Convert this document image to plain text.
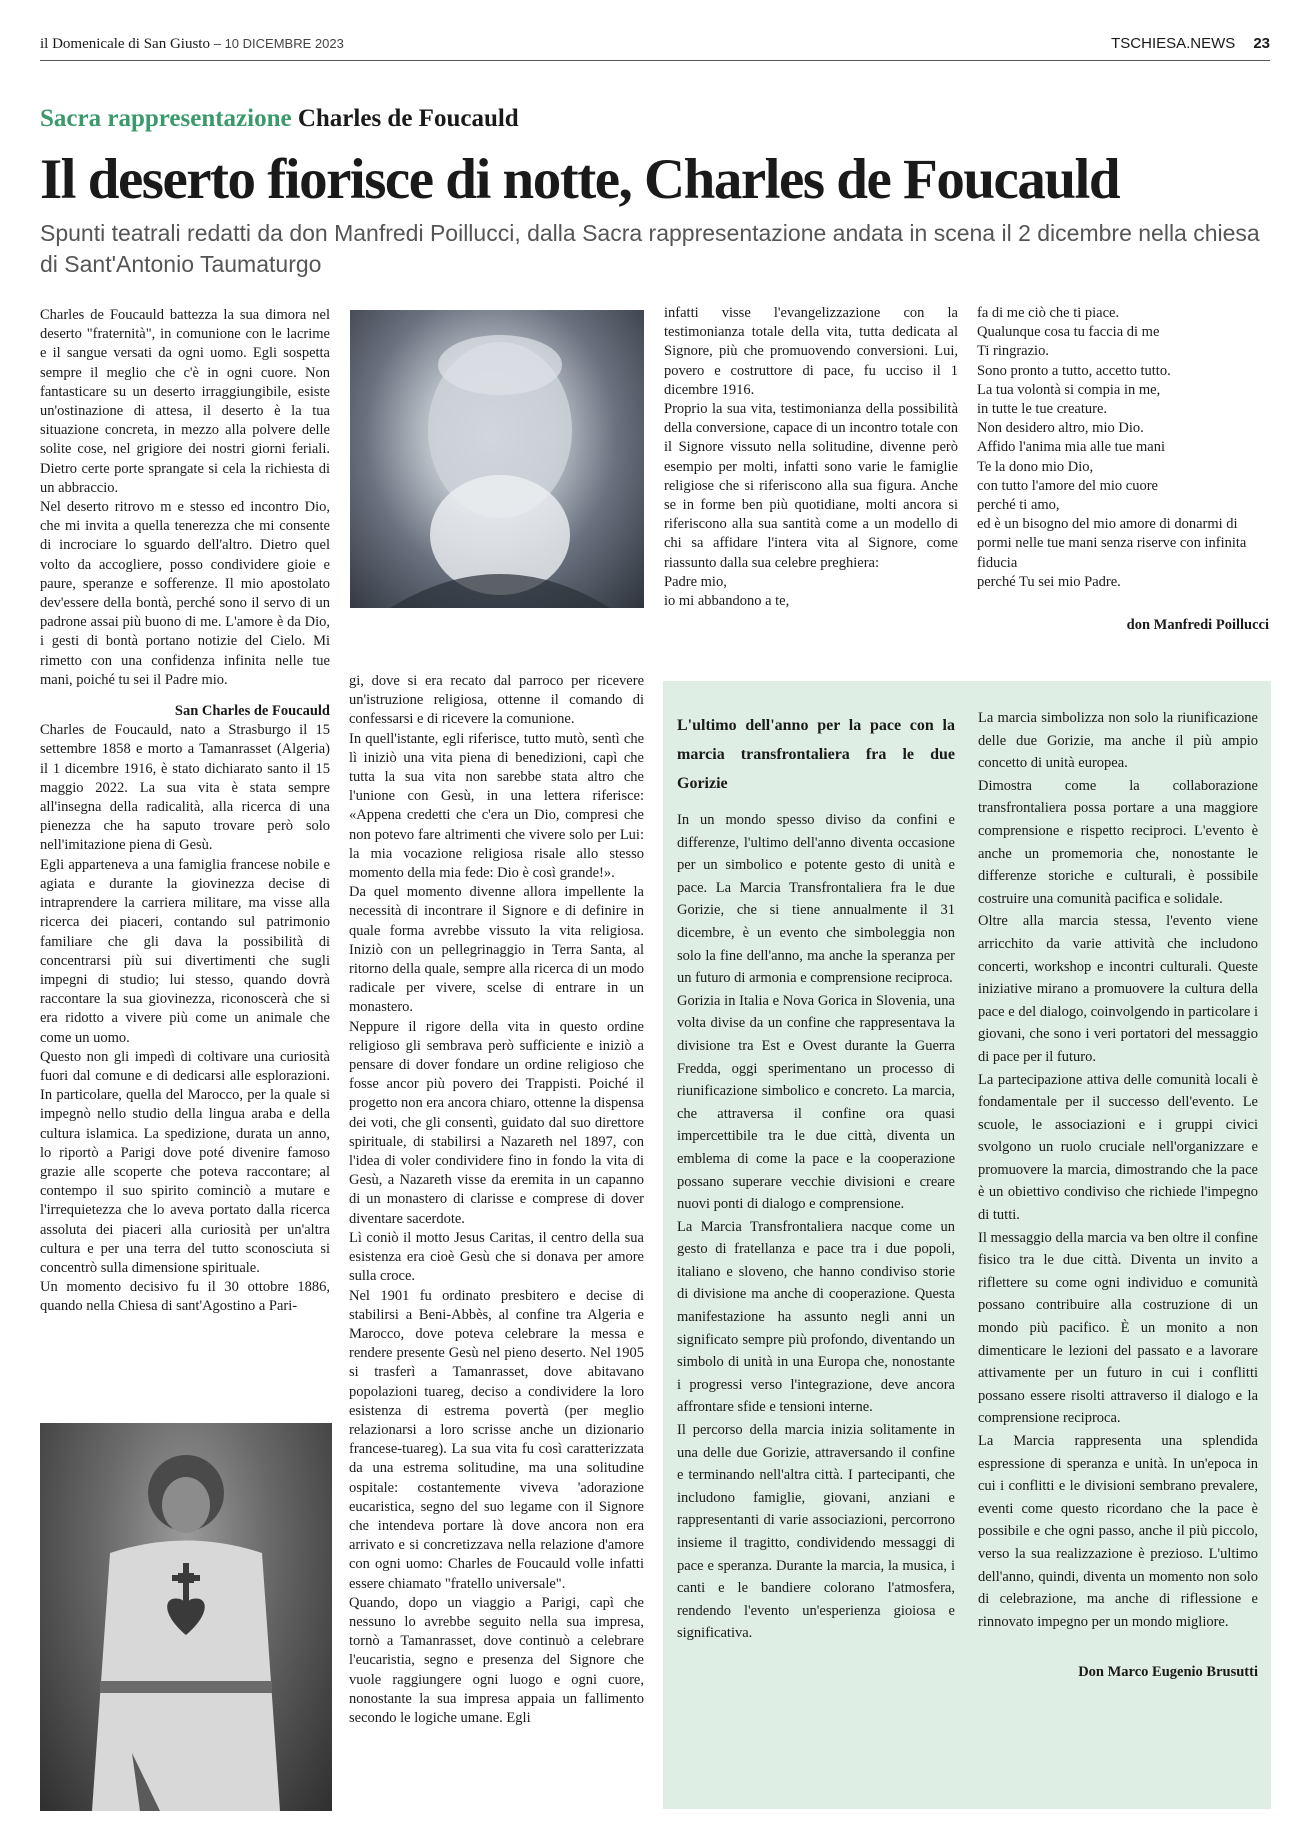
il Domenicale di San Giusto – 10 DICEMBRE 2023	TSCHIESA.NEWS 23
Sacra rappresentazione Charles de Foucauld
Il deserto fiorisce di notte, Charles de Foucauld
Spunti teatrali redatti da don Manfredi Poillucci, dalla Sacra rappresentazione andata in scena il 2 dicembre nella chiesa di Sant'Antonio Taumaturgo

Charles de Foucauld battezza la sua dimora nel deserto "fraternità", in comunione con le lacrime e il sangue versati da ogni uomo. Egli sospetta sempre il meglio che c'è in ogni cuore. Non fantasticare su un deserto irraggiungibile, esiste un'ostinazione di attesa, il deserto è la tua situazione concreta, in mezzo alla polvere delle solite cose, nel grigiore dei nostri giorni feriali. Dietro certe porte sprangate si cela la richiesta di un abbraccio.

Nel deserto ritrovo m e stesso ed incontro Dio, che mi invita a quella tenerezza che mi consente di incrociare lo sguardo dell'altro. Dietro quel volto da accogliere, posso condividere gioie e paure, speranze e sofferenze. Il mio apostolato dev'essere della bontà, perché sono il servo di un padrone assai più buono di me. L'amore è da Dio, i gesti di bontà portano notizie del Cielo. Mi rimetto con una confidenza infinita nelle tue mani, poiché tu sei il Padre mio.

San Charles de Foucauld

Charles de Foucauld, nato a Strasburgo il 15 settembre 1858 e morto a Tamanrasset (Algeria) il 1 dicembre 1916, è stato dichiarato santo il 15 maggio 2022. La sua vita è stata sempre all'insegna della radicalità, alla ricerca di una pienezza che ha saputo trovare però solo nell'imitazione piena di Gesù.

Egli apparteneva a una famiglia francese nobile e agiata e durante la giovinezza decise di intraprendere la carriera militare, ma visse alla ricerca dei piaceri, contando sul patrimonio familiare che gli dava la possibilità di concentrarsi più sui divertimenti che sugli impegni di studio; lui stesso, quando dovrà raccontare la sua giovinezza, riconoscerà che si era ridotto a vivere più come un animale che come un uomo.

Questo non gli impedì di coltivare una curiosità fuori dal comune e di dedicarsi alle esplorazioni. In particolare, quella del Marocco, per la quale si impegnò nello studio della lingua araba e della cultura islamica. La spedizione, durata un anno, lo riportò a Parigi dove poté divenire famoso grazie alle scoperte che poteva raccontare; al contempo il suo spirito cominciò a mutare e l'irrequietezza che lo aveva portato dalla ricerca assoluta dei piaceri alla curiosità per un'altra cultura e per una terra del tutto sconosciuta si concentrò sulla dimensione spirituale.

Un momento decisivo fu il 30 ottobre 1886, quando nella Chiesa di sant'Agostino a Pari-

gi, dove si era recato dal parroco per ricevere un'istruzione religiosa, ottenne il comando di confessarsi e di ricevere la comunione.

In quell'istante, egli riferisce, tutto mutò, sentì che lì iniziò una vita piena di benedizioni, capì che tutta la sua vita non sarebbe stata altro che l'unione con Gesù, in una lettera riferisce: «Appena credetti che c'era un Dio, compresi che non potevo fare altrimenti che vivere solo per Lui: la mia vocazione religiosa risale allo stesso momento della mia fede: Dio è così grande!».

Da quel momento divenne allora impellente la necessità di incontrare il Signore e di definire in quale forma avrebbe vissuto la vita religiosa. Iniziò con un pellegrinaggio in Terra Santa, al ritorno della quale, sempre alla ricerca di un modo radicale per vivere, scelse di entrare in un monastero.

Neppure il rigore della vita in questo ordine religioso gli sembrava però sufficiente e iniziò a pensare di dover fondare un ordine religioso che fosse ancor più povero dei Trappisti. Poiché il progetto non era ancora chiaro, ottenne la dispensa dei voti, che gli consentì, guidato dal suo direttore spirituale, di stabilirsi a Nazareth nel 1897, con l'idea di voler condividere fino in fondo la vita di Gesù, a Nazareth visse da eremita in un capanno di un monastero di clarisse e comprese di dover diventare sacerdote.

Lì coniò il motto Jesus Caritas, il centro della sua esistenza era cioè Gesù che si donava per amore sulla croce.

Nel 1901 fu ordinato presbitero e decise di stabilirsi a Beni-Abbès, al confine tra Algeria e Marocco, dove poteva celebrare la messa e rendere presente Gesù nel pieno deserto. Nel 1905 si trasferì a Tamanrasset, dove abitavano popolazioni tuareg, deciso a condividere la loro esistenza di estrema povertà (per meglio relazionarsi a loro scrisse anche un dizionario francese-tuareg). La sua vita fu così caratterizzata da una estrema solitudine, ma una solitudine ospitale: costantemente viveva 'adorazione eucaristica, segno del suo legame con il Signore che intendeva portare là dove ancora non era arrivato e si concretizzava nella relazione d'amore con ogni uomo: Charles de Foucauld volle infatti essere chiamato "fratello universale".

Quando, dopo un viaggio a Parigi, capì che nessuno lo avrebbe seguito nella sua impresa, tornò a Tamanrasset, dove continuò a celebrare l'eucaristia, segno e presenza del Signore che vuole raggiungere ogni luogo e ogni cuore, nonostante la sua impresa appaia un fallimento secondo le logiche umane. Egli

infatti visse l'evangelizzazione con la testimonianza totale della vita, tutta dedicata al Signore, più che promuovendo conversioni. Lui, povero e costruttore di pace, fu ucciso il 1 dicembre 1916.

Proprio la sua vita, testimonianza della possibilità della conversione, capace di un incontro totale con il Signore vissuto nella solitudine, divenne però esempio per molti, infatti sono varie le famiglie religiose che si riferiscono alla sua figura. Anche se in forme ben più quotidiane, molti ancora si riferiscono alla sua santità come a un modello di chi sa affidare l'intera vita al Signore, come riassunto dalla sua celebre preghiera:

Padre mio,

io mi abbandono a te,

fa di me ciò che ti piace.

Qualunque cosa tu faccia di me

Ti ringrazio.

Sono pronto a tutto, accetto tutto.

La tua volontà si compia in me,

in tutte le tue creature.

Non desidero altro, mio Dio.

Affido l'anima mia alle tue mani

Te la dono mio Dio,

con tutto l'amore del mio cuore

perché ti amo,

ed è un bisogno del mio amore di donarmi di pormi nelle tue mani senza riserve con infinita fiducia

perché Tu sei mio Padre.

don Manfredi Poillucci
L'ultimo dell'anno per la pace con la marcia transfrontaliera fra le due Gorizie

In un mondo spesso diviso da confini e differenze, l'ultimo dell'anno diventa occasione per un simbolico e potente gesto di unità e pace. La Marcia Transfrontaliera fra le due Gorizie, che si tiene annualmente il 31 dicembre, è un evento che simboleggia non solo la fine dell'anno, ma anche la speranza per un futuro di armonia e comprensione reciproca.

Gorizia in Italia e Nova Gorica in Slovenia, una volta divise da un confine che rappresentava la divisione tra Est e Ovest durante la Guerra Fredda, oggi sperimentano un processo di riunificazione simbolico e concreto. La marcia, che attraversa il confine ora quasi impercettibile tra le due città, diventa un emblema di come la pace e la cooperazione possano superare vecchie divisioni e creare nuovi ponti di dialogo e comprensione.

La Marcia Transfrontaliera nacque come un gesto di fratellanza e pace tra i due popoli, italiano e sloveno, che hanno condiviso storie di divisione ma anche di cooperazione. Questa manifestazione ha assunto negli anni un significato sempre più profondo, diventando un simbolo di unità in una Europa che, nonostante i progressi verso l'integrazione, deve ancora affrontare sfide e tensioni interne.

Il percorso della marcia inizia solitamente in una delle due Gorizie, attraversando il confine e terminando nell'altra città. I partecipanti, che includono famiglie, giovani, anziani e rappresentanti di varie associazioni, percorrono insieme il tragitto, condividendo messaggi di pace e speranza. Durante la marcia, la musica, i canti e le bandiere colorano l'atmosfera, rendendo l'evento un'esperienza gioiosa e significativa.

La marcia simbolizza non solo la riunificazione delle due Gorizie, ma anche il più ampio concetto di unità europea.

Dimostra come la collaborazione transfrontaliera possa portare a una maggiore comprensione e rispetto reciproci. L'evento è anche un promemoria che, nonostante le differenze storiche e culturali, è possibile costruire una comunità pacifica e solidale.

Oltre alla marcia stessa, l'evento viene arricchito da varie attività che includono concerti, workshop e incontri culturali. Queste iniziative mirano a promuovere la cultura della pace e del dialogo, coinvolgendo in particolare i giovani, che sono i veri portatori del messaggio di pace per il futuro.

La partecipazione attiva delle comunità locali è fondamentale per il successo dell'evento. Le scuole, le associazioni e i gruppi civici svolgono un ruolo cruciale nell'organizzare e promuovere la marcia, dimostrando che la pace è un obiettivo condiviso che richiede l'impegno di tutti.

Il messaggio della marcia va ben oltre il confine fisico tra le due città. Diventa un invito a riflettere su come ogni individuo e comunità possano contribuire alla costruzione di un mondo più pacifico. È un monito a non dimenticare le lezioni del passato e a lavorare attivamente per un futuro in cui i conflitti possano essere risolti attraverso il dialogo e la comprensione reciproca.

La Marcia rappresenta una splendida espressione di speranza e unità. In un'epoca in cui i conflitti e le divisioni sembrano prevalere, eventi come questo ricordano che la pace è possibile e che ogni passo, anche il più piccolo, verso la sua realizzazione è prezioso. L'ultimo dell'anno, quindi, diventa un momento non solo di celebrazione, ma anche di riflessione e rinnovato impegno per un mondo migliore.

Don Marco Eugenio Brusutti
